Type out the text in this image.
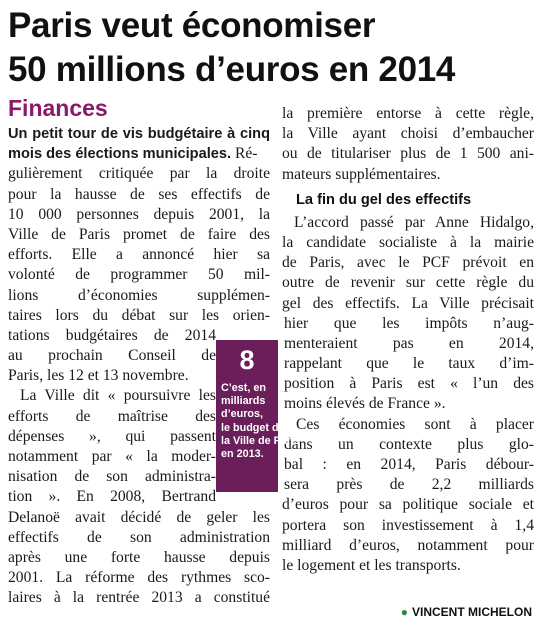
Paris veut économiser
50 millions d’euros en 2014
Finances
Un petit tour de vis budgétaire à cinq
mois des élections municipales. Ré-
gulièrement critiquée par la droite
pour la hausse de ses effectifs de
10 000 personnes depuis 2001, la
Ville de Paris promet de faire des
efforts. Elle a annoncé hier sa
volonté de programmer 50 mil-
lions d’économies supplémen-
taires lors du débat sur les orien-
tations budgétaires de 2014
au prochain Conseil de
Paris, les 12 et 13 novembre.
La Ville dit « poursuivre les
efforts de maîtrise des
dépenses », qui passent
notamment par « la moder-
nisation de son administra-
tion ». En 2008, Bertrand
Delanoë avait décidé de geler les
effectifs de son administration
après une forte hausse depuis
2001. La réforme des rythmes sco-
laires à la rentrée 2013 a constitué
la première entorse à cette règle,
la Ville ayant choisi d’embaucher
ou de titulariser plus de 1 500 ani-
mateurs supplémentaires.
La fin du gel des effectifs
L’accord passé par Anne Hidalgo,
la candidate socialiste à la mairie
de Paris, avec le PCF prévoit en
outre de revenir sur cette règle du
gel des effectifs. La Ville précisait
hier que les impôts n’aug-
menteraient pas en 2014,
rappelant que le taux d’im-
position à Paris est « l’un des
moins élevés de France ».
Ces économies sont à placer
dans un contexte plus glo-
bal : en 2014, Paris débour-
sera près de 2,2 milliards
d’euros pour sa politique sociale et
portera son investissement à 1,4
milliard d’euros, notamment pour
le logement et les transports.
8
C’est, en
milliards
d’euros,
le budget de
la Ville de Paris
en 2013.
● VINCENT MICHELON
